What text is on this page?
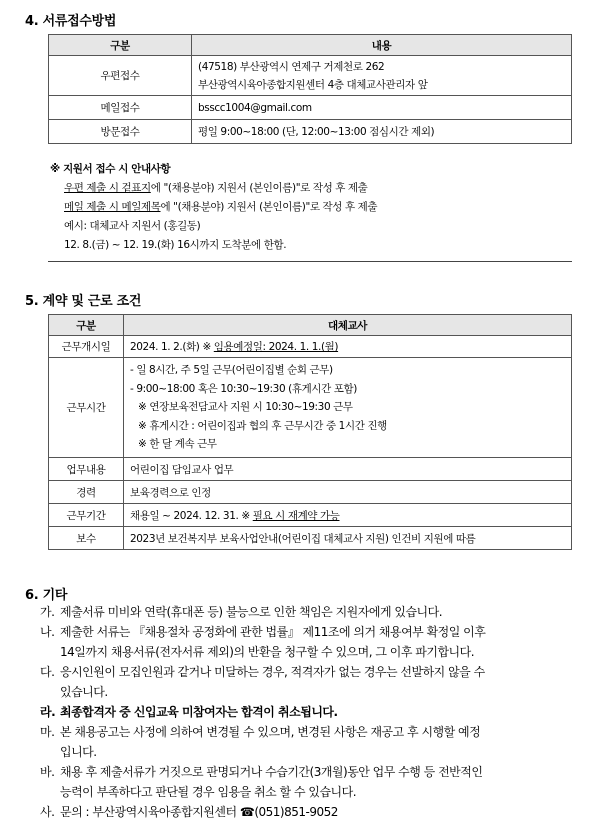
4. 서류접수방법
구분	내용
우편접수	(47518) 부산광역시 연제구 거제천로 262
부산광역시육아종합지원센터 4층 대체교사관리자 앞

메일접수	bsscc1004@gmail.com
방문접수	평일 9:00~18:00 (단, 12:00~13:00 점심시간 제외)
※ 지원서 접수 시 안내사항
우편 제출 시 겉표지에 "(채용분야) 지원서 (본인이름)"로 작성 후 제출
메일 제출 시 메일제목에 "(채용분야) 지원서 (본인이름)"로 작성 후 제출
예시: 대체교사 지원서 (홍길동)
12. 8.(금) ~ 12. 19.(화) 16시까지 도착분에 한함.
5. 계약 및 근로 조건
구분	대체교사
근무개시일	2024. 1. 2.(화) ※ 임용예정일: 2024. 1. 1.(월)
근무시간	- 일 8시간, 주 5일 근무(어린이집별 순회 근무)
- 9:00~18:00 혹은 10:30~19:30 (휴게시간 포함)
※ 연장보육전담교사 지원 시 10:30~19:30 근무
※ 휴게시간 : 어린이집과 협의 후 근무시간 중 1시간 진행
※ 한 달 계속 근무

업무내용	어린이집 담임교사 업무
경력	보육경력으로 인정
근무기간	채용일 ~ 2024. 12. 31. ※ 필요 시 재계약 가능
보수	2023년 보건복지부 보육사업안내(어린이집 대체교사 지원) 인건비 지원에 따름
6. 기타
가. 제출서류 미비와 연락(휴대폰 등) 불능으로 인한 책임은 지원자에게 있습니다.
나. 제출한 서류는 『채용절차 공정화에 관한 법률』 제11조에 의거 채용여부 확정일 이후
14일까지 채용서류(전자서류 제외)의 반환을 청구할 수 있으며, 그 이후 파기합니다.
다. 응시인원이 모집인원과 같거나 미달하는 경우, 적격자가 없는 경우는 선발하지 않을 수
있습니다.
라. 최종합격자 중 신입교육 미참여자는 합격이 취소됩니다.
마. 본 채용공고는 사정에 의하여 변경될 수 있으며, 변경된 사항은 재공고 후 시행할 예정
입니다.
바. 채용 후 제출서류가 거짓으로 판명되거나 수습기간(3개월)동안 업무 수행 등 전반적인
능력이 부족하다고 판단될 경우 임용을 취소 할 수 있습니다.
사. 문의 : 부산광역시육아종합지원센터 ☎(051)851-9052
